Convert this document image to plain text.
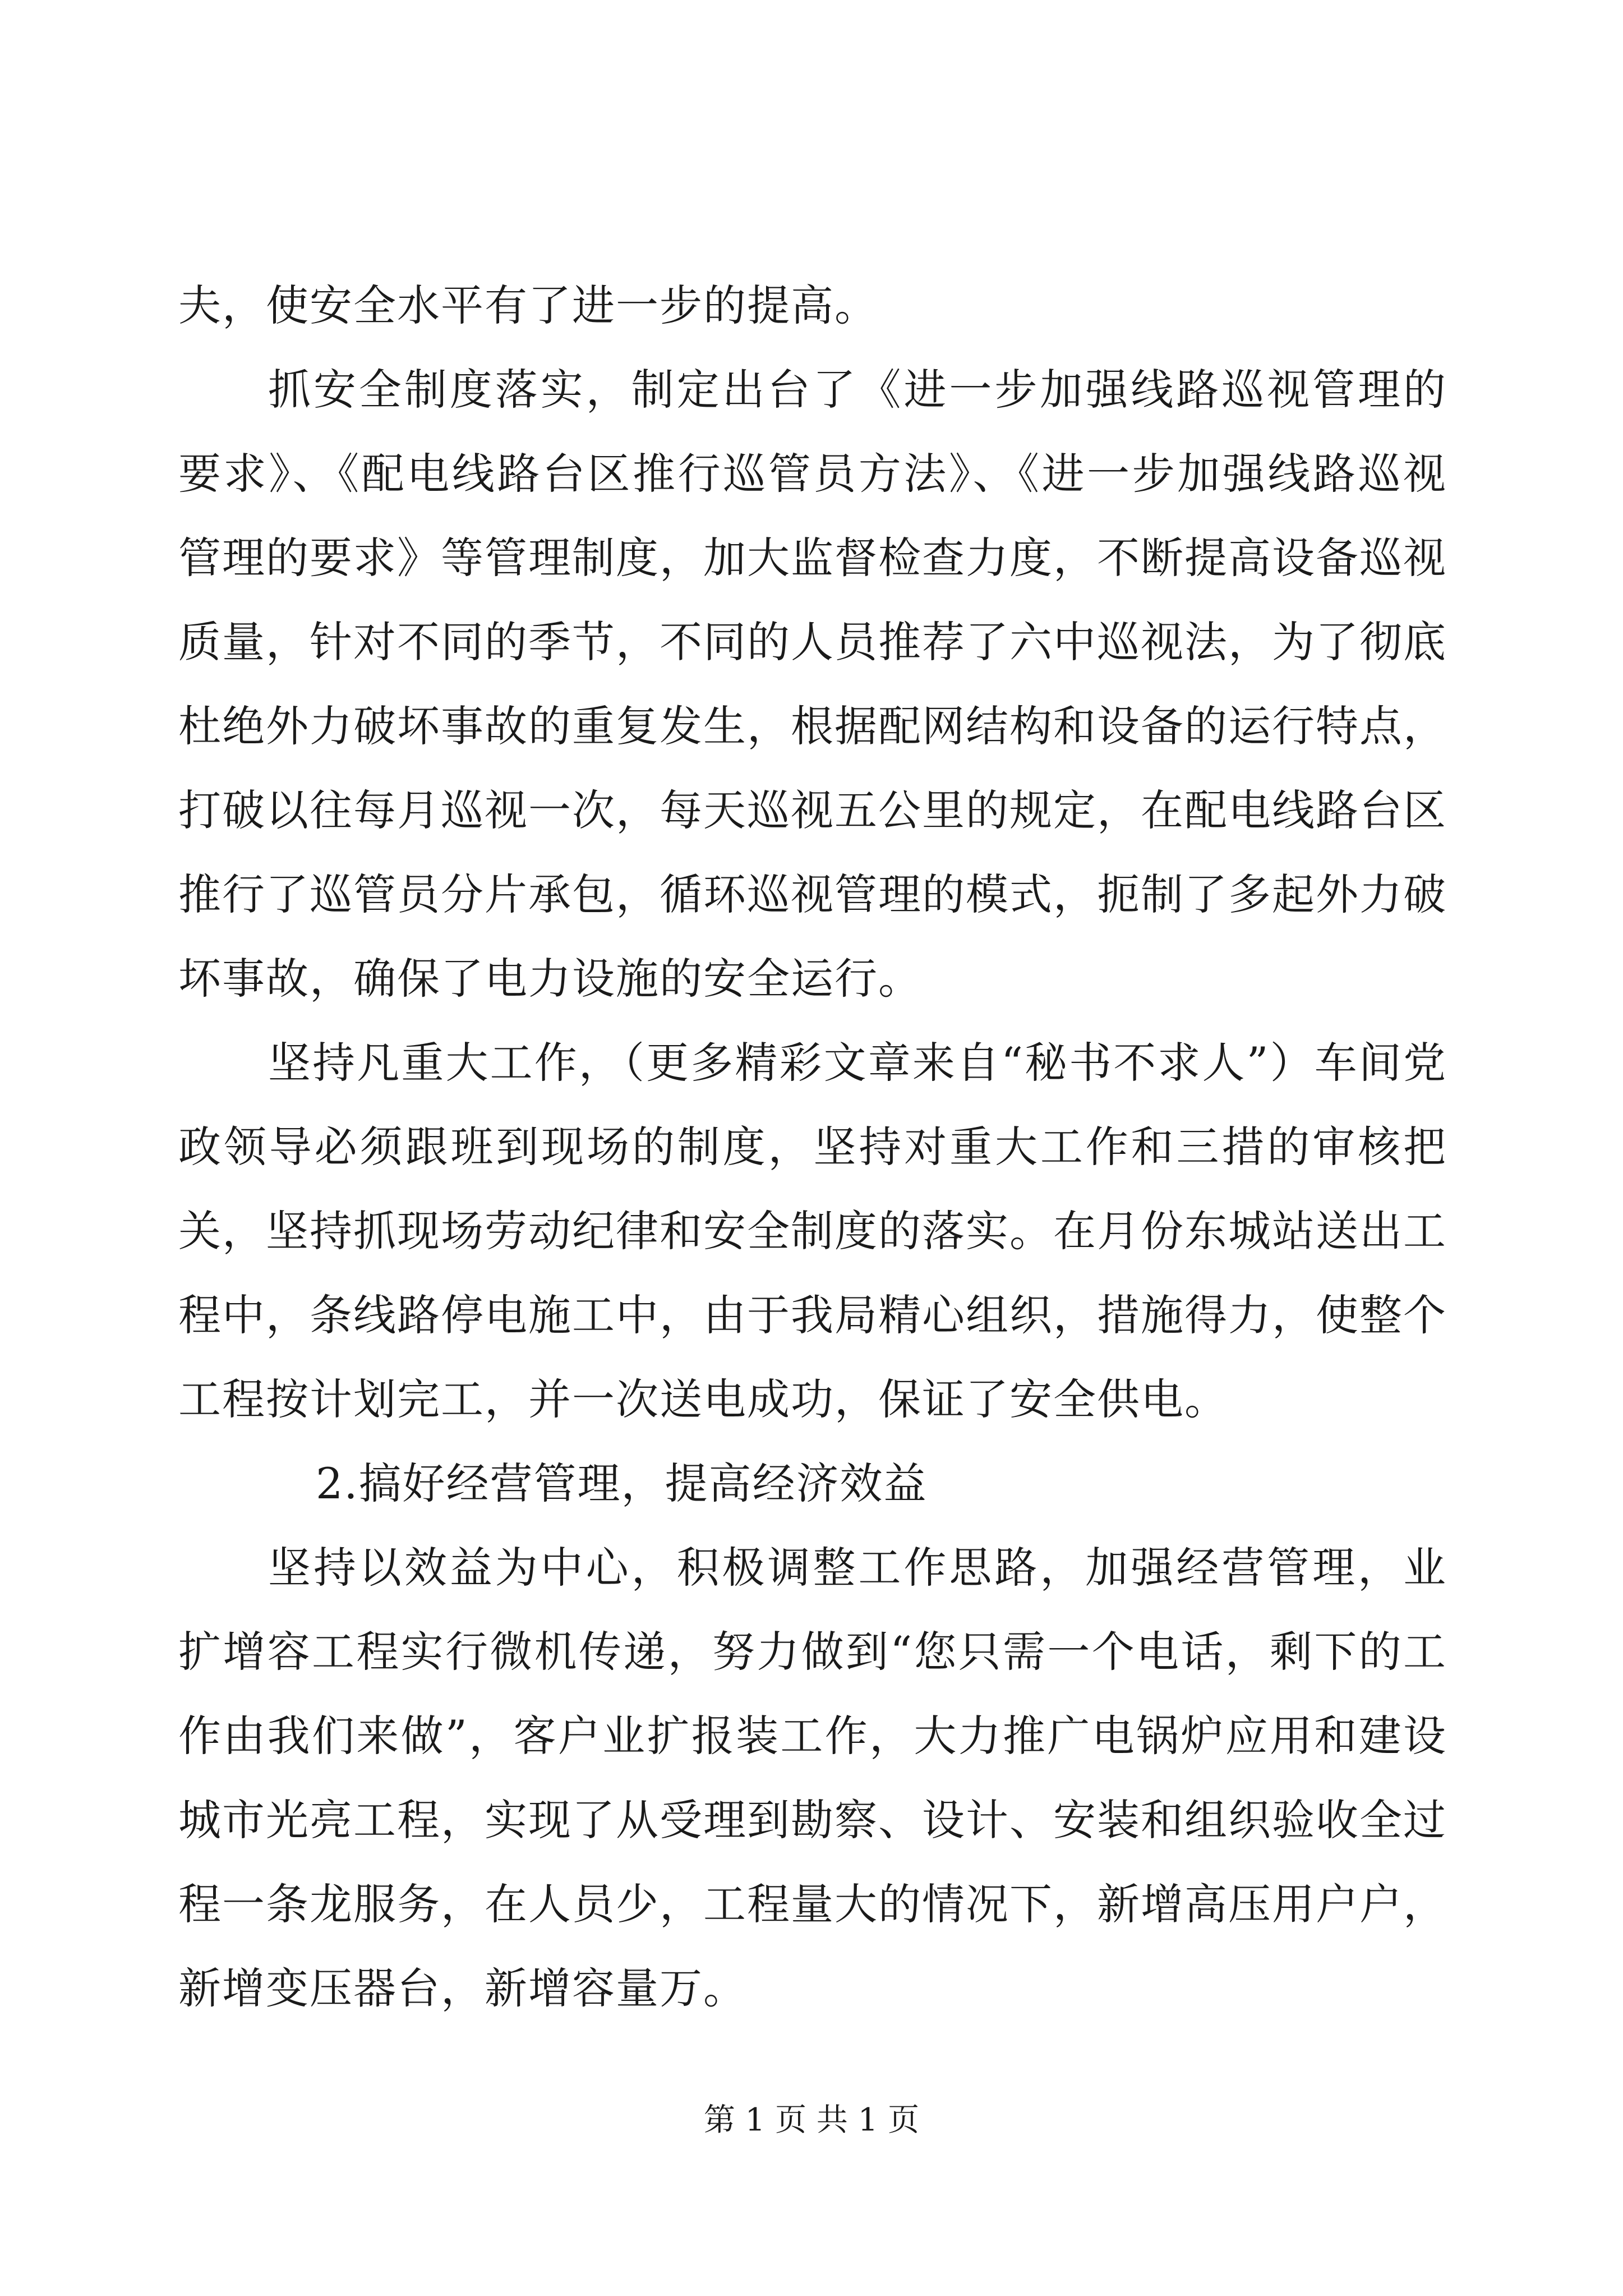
夫，使安全水平有了进一步的提高。

抓安全制度落实，制定出台了《进一步加强线路巡视管理的要求》、《配电线路台区推行巡管员方法》、《进一步加强线路巡视管理的要求》等管理制度，加大监督检查力度，不断提高设备巡视质量，针对不同的季节，不同的人员推荐了六中巡视法，为了彻底杜绝外力破坏事故的重复发生，根据配网结构和设备的运行特点，打破以往每月巡视一次，每天巡视五公里的规定，在配电线路台区推行了巡管员分片承包，循环巡视管理的模式，扼制了多起外力破坏事故，确保了电力设施的安全运行。

坚持凡重大工作，（更多精彩文章来自“秘书不求人”）车间党政领导必须跟班到现场的制度，坚持对重大工作和三措的审核把关，坚持抓现场劳动纪律和安全制度的落实。在月份东城站送出工程中，条线路停电施工中，由于我局精心组织，措施得力，使整个工程按计划完工，并一次送电成功，保证了安全供电。

2.搞好经营管理，提高经济效益

坚持以效益为中心，积极调整工作思路，加强经营管理，业扩增容工程实行微机传递，努力做到“您只需一个电话，剩下的工作由我们来做”，客户业扩报装工作，大力推广电锅炉应用和建设城市光亮工程，实现了从受理到勘察、设计、安装和组织验收全过程一条龙服务，在人员少，工程量大的情况下，新增高压用户户，新增变压器台，新增容量万。

第 1 页 共 1 页
